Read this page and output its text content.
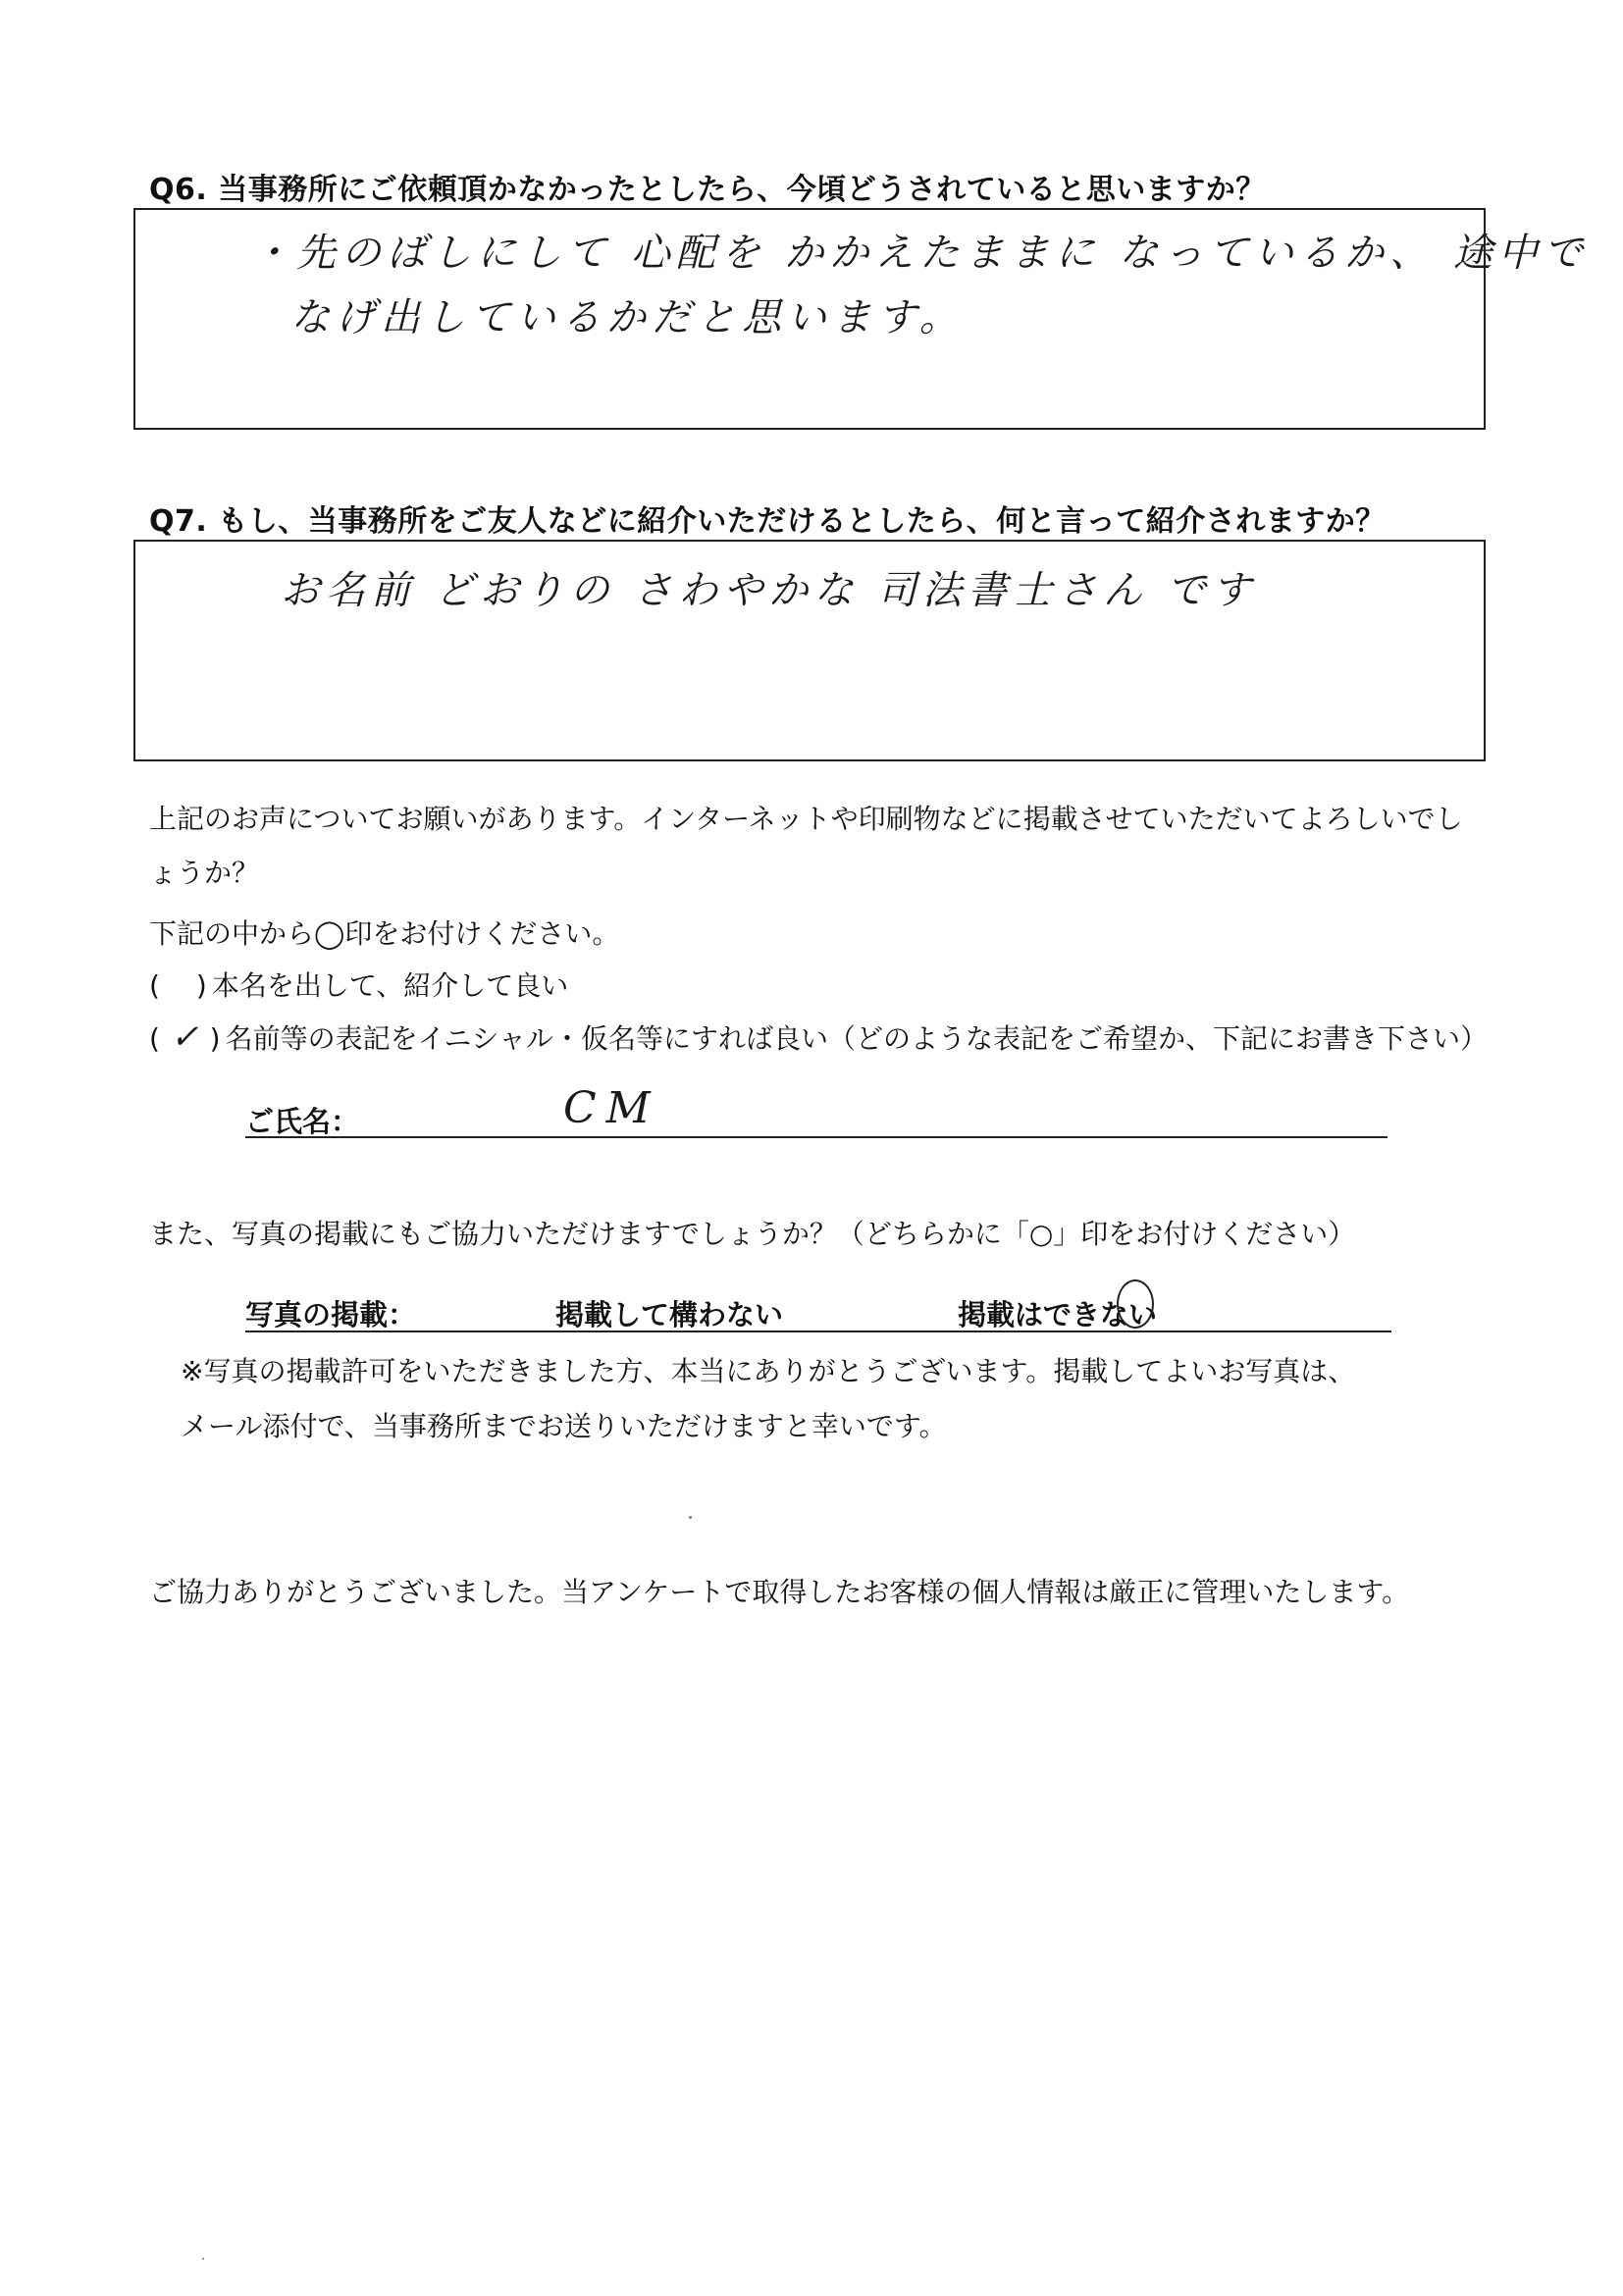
Q6. 当事務所にご依頼頂かなかったとしたら、今頃どうされていると思いますか？
・先のばしにして 心配を かかえたままに なっているか、 途中で
なげ出しているかだと思います。
Q7. もし、当事務所をご友人などに紹介いただけるとしたら、何と言って紹介されますか？
お名前 どおりの さわやかな 司法書士さん です
上記のお声についてお願いがあります。インターネットや印刷物などに掲載させていただいてよろしいでし
ょうか？
下記の中から◯印をお付けください。
(　 ) 本名を出して、紹介して良い
( ✓ ) 名前等の表記をイニシャル・仮名等にすれば良い（どのような表記をご希望か、下記にお書き下さい）
ご氏名：	CM
また、写真の掲載にもご協力いただけますでしょうか？（どちらかに「○」印をお付けください）
写真の掲載：	掲載して構わない	掲載はできない
※写真の掲載許可をいただきました方、本当にありがとうございます。掲載してよいお写真は、
メール添付で、当事務所までお送りいただけますと幸いです。
ご協力ありがとうございました。当アンケートで取得したお客様の個人情報は厳正に管理いたします。
